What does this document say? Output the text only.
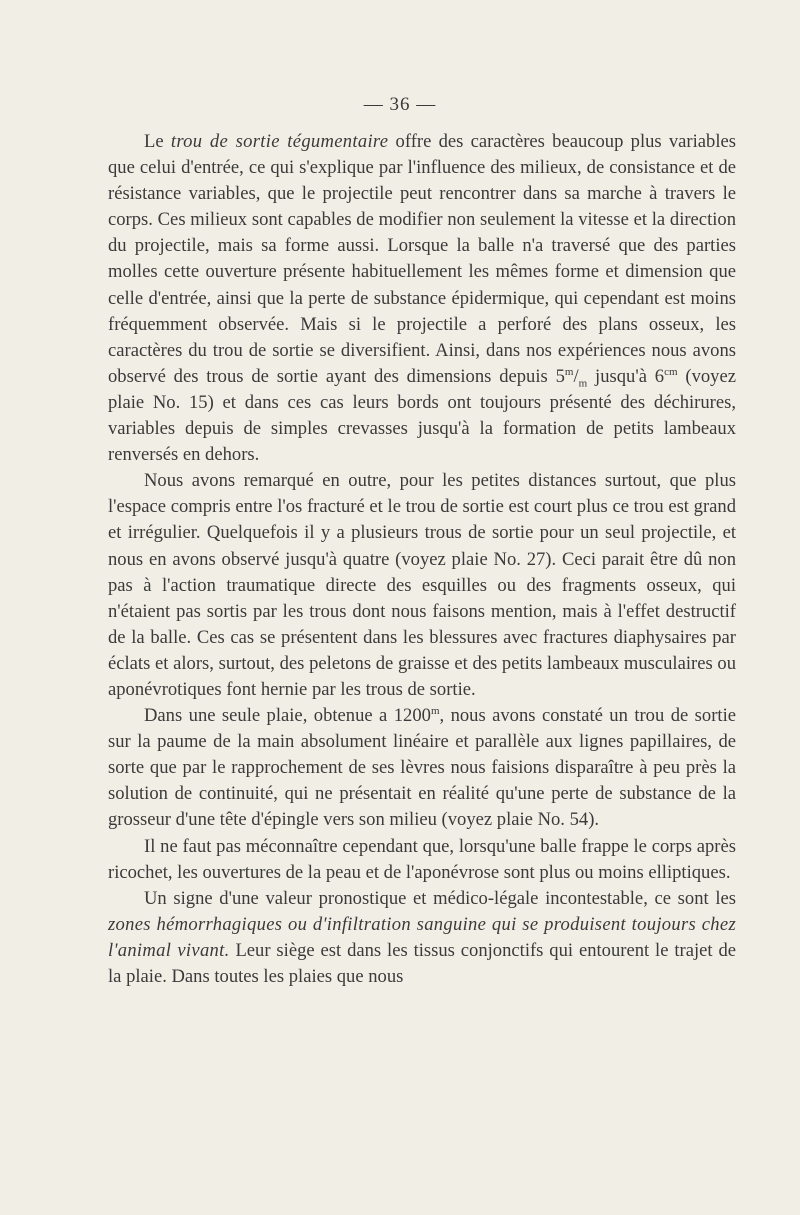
— 36 —

Le trou de sortie tégumentaire offre des caractères beaucoup plus variables que celui d'entrée, ce qui s'explique par l'influence des milieux, de consistance et de résistance variables, que le projectile peut rencontrer dans sa marche à travers le corps. Ces milieux sont capables de modifier non seulement la vitesse et la direction du projectile, mais sa forme aussi. Lorsque la balle n'a traversé que des parties molles cette ouverture présente habituellement les mêmes forme et dimension que celle d'entrée, ainsi que la perte de substance épidermique, qui cependant est moins fréquemment observée. Mais si le projectile a perforé des plans osseux, les caractères du trou de sortie se diversifient. Ainsi, dans nos expériences nous avons observé des trous de sortie ayant des dimensions depuis $5^m/_m$ jusqu'à $6^{cm}$ (voyez plaie No. 15) et dans ces cas leurs bords ont toujours présenté des déchirures, variables depuis de simples crevasses jusqu'à la formation de petits lambeaux renversés en dehors.

Nous avons remarqué en outre, pour les petites distances surtout, que plus l'espace compris entre l'os fracturé et le trou de sortie est court plus ce trou est grand et irrégulier. Quelquefois il y a plusieurs trous de sortie pour un seul projectile, et nous en avons observé jusqu'à quatre (voyez plaie No. 27). Ceci parait être dû non pas à l'action traumatique directe des esquilles ou des fragments osseux, qui n'étaient pas sortis par les trous dont nous faisons mention, mais à l'effet destructif de la balle. Ces cas se présentent dans les blessures avec fractures diaphysaires par éclats et alors, surtout, des peletons de graisse et des petits lambeaux musculaires ou aponévrotiques font hernie par les trous de sortie.

Dans une seule plaie, obtenue a 1200$^m$, nous avons constaté un trou de sortie sur la paume de la main absolument linéaire et parallèle aux lignes papillaires, de sorte que par le rapprochement de ses lèvres nous faisions disparaître à peu près la solution de continuité, qui ne présentait en réalité qu'une perte de substance de la grosseur d'une tête d'épingle vers son milieu (voyez plaie No. 54).

Il ne faut pas méconnaître cependant que, lorsqu'une balle frappe le corps après ricochet, les ouvertures de la peau et de l'aponévrose sont plus ou moins elliptiques.

Un signe d'une valeur pronostique et médico-légale incontestable, ce sont les zones hémorrhagiques ou d'infiltration sanguine qui se produisent toujours chez l'animal vivant. Leur siège est dans les tissus conjonctifs qui entourent le trajet de la plaie. Dans toutes les plaies que nous
